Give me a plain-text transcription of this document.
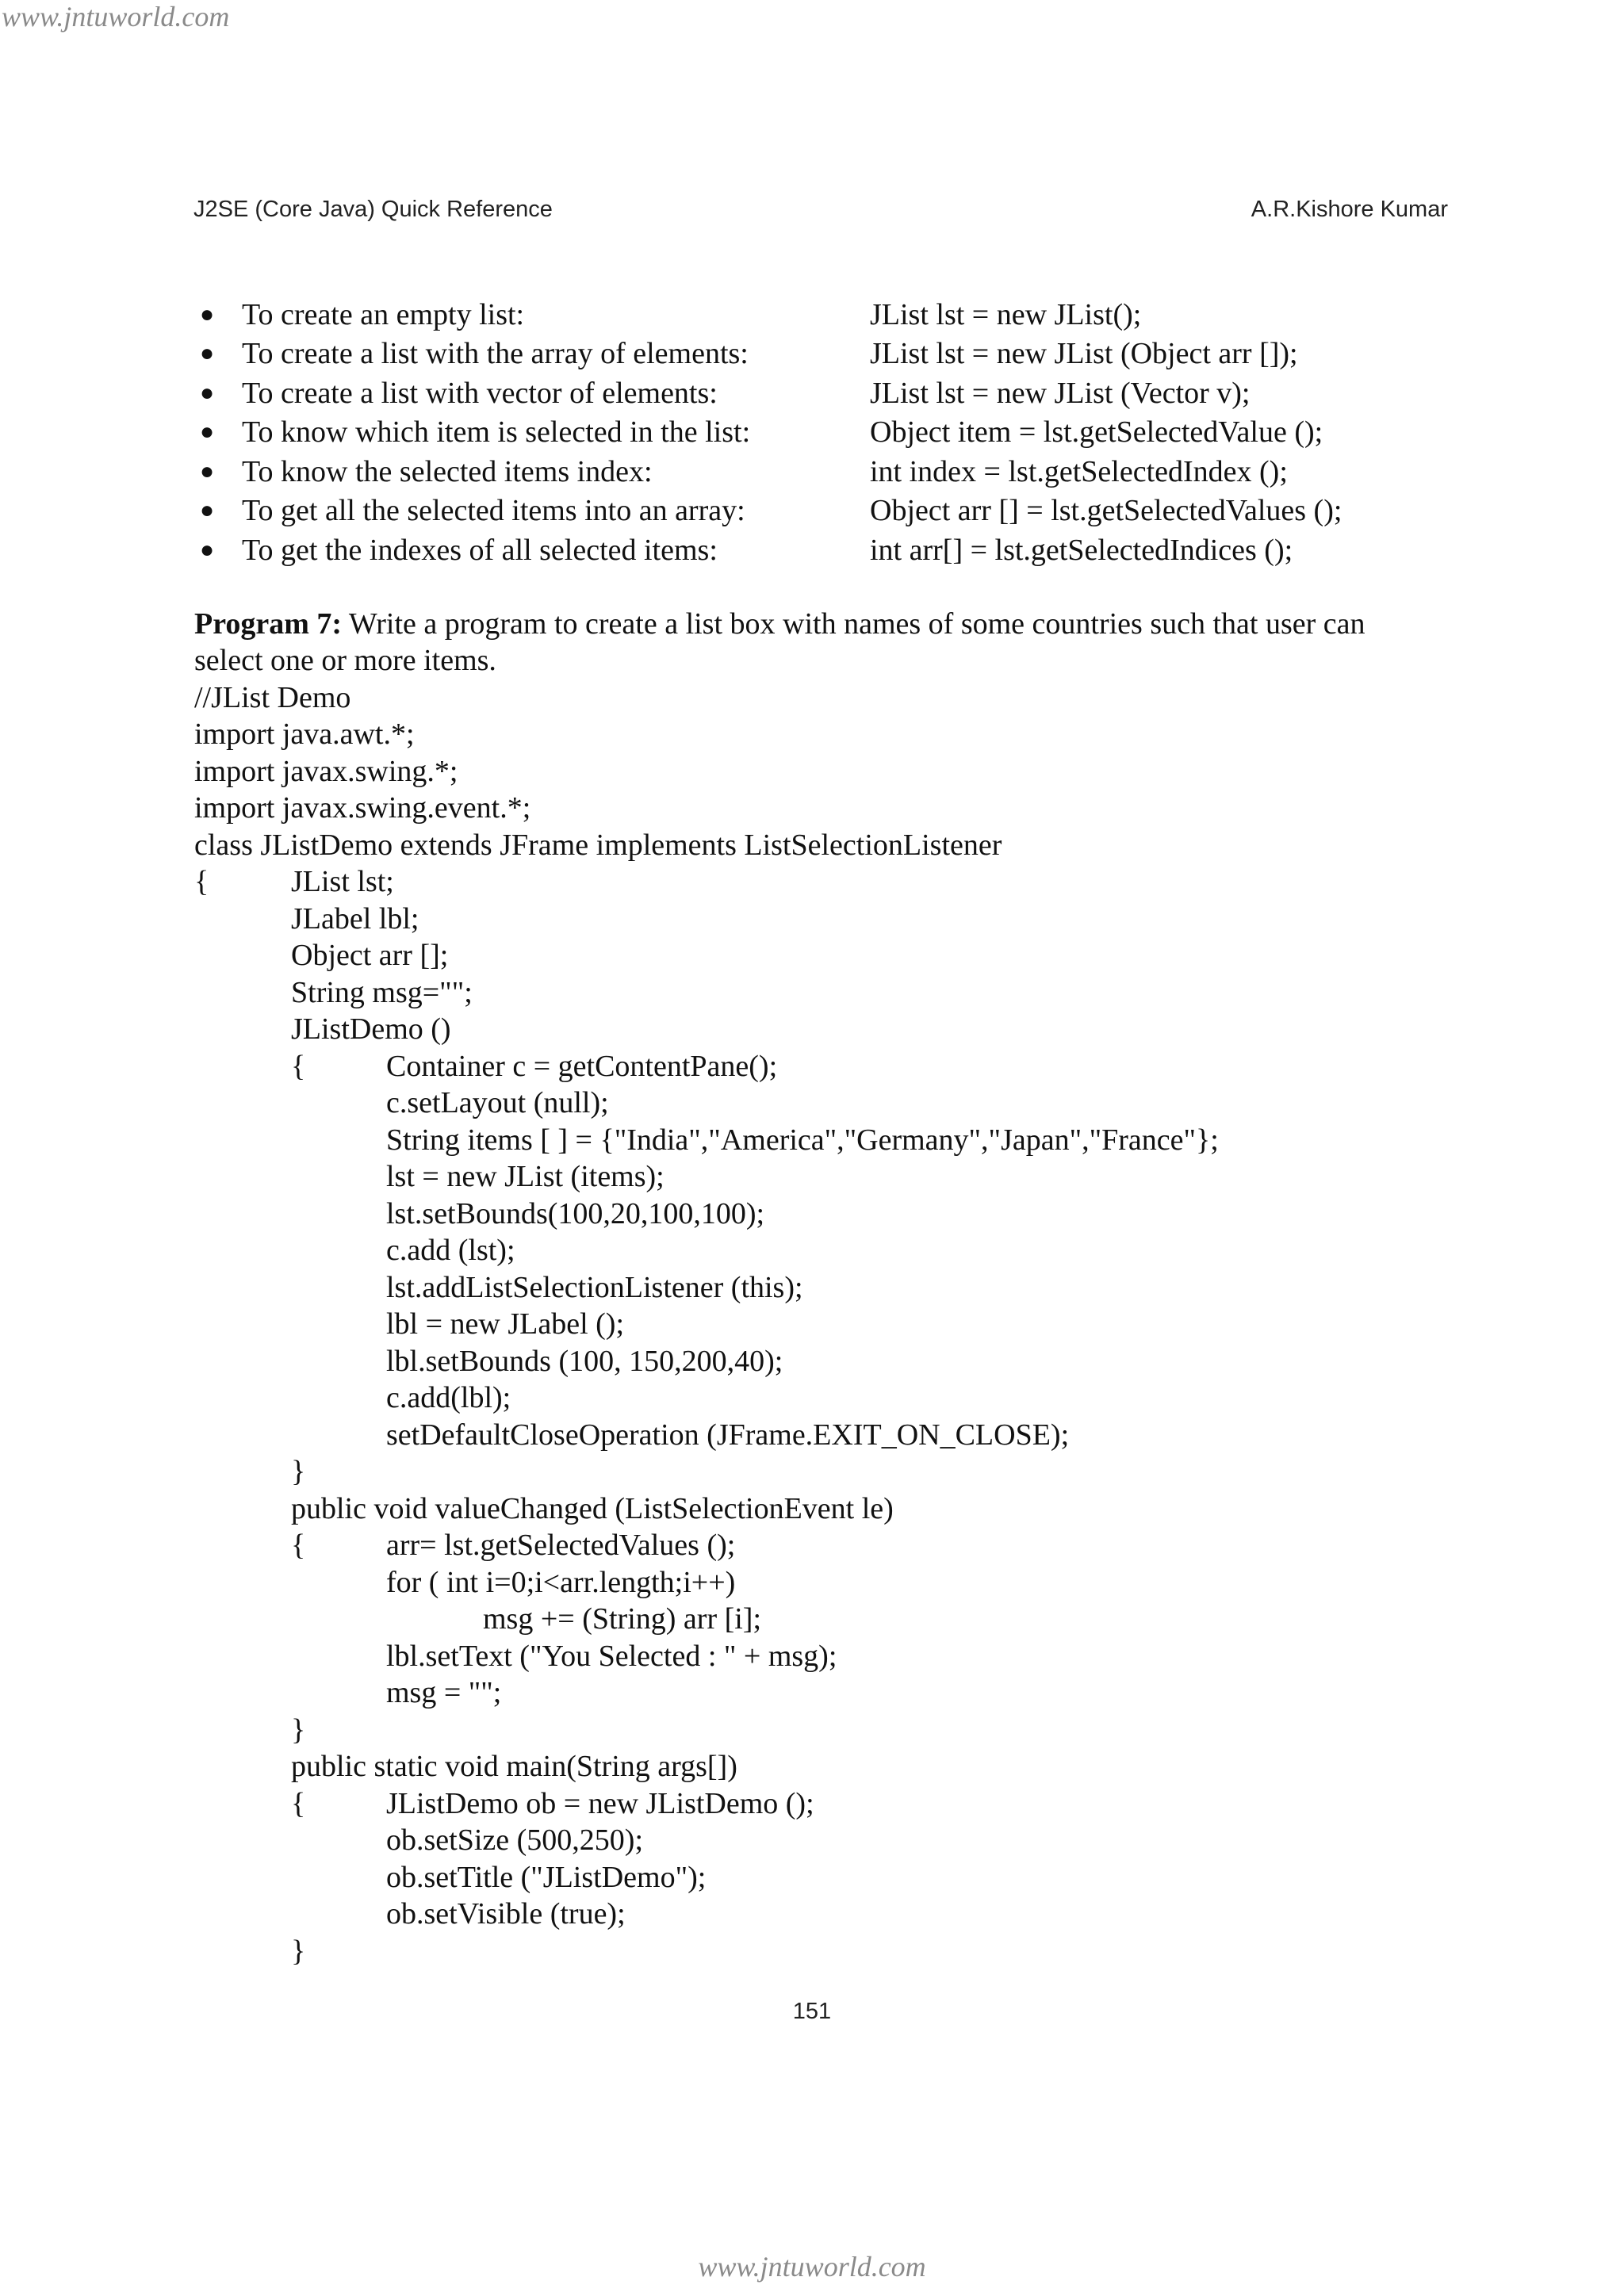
www.jntuworld.com
J2SE (Core Java) Quick Reference	A.R.Kishore Kumar
● To create an empty list:	JList lst = new JList();
● To create a list with the array of elements:	JList lst = new JList (Object arr []);
● To create a list with vector of elements:	JList lst = new JList (Vector v);
● To know which item is selected in the list:	Object item = lst.getSelectedValue ();
● To know the selected items index:	int index = lst.getSelectedIndex ();
● To get all the selected items into an array:	Object arr [] = lst.getSelectedValues ();
● To get the indexes of all selected items:	int arr[] = lst.getSelectedIndices ();
Program 7: Write a program to create a list box with names of some countries such that user can
select one or more items.
//JList Demo
import java.awt.*;
import javax.swing.*;
import javax.swing.event.*;
class JListDemo extends JFrame implements ListSelectionListener
{	JList lst;
JLabel lbl;
Object arr [];
String msg="";
JListDemo ()
{	Container c = getContentPane();
c.setLayout (null);
String items [ ] = {"India","America","Germany","Japan","France"};
lst = new JList (items);
lst.setBounds(100,20,100,100);
c.add (lst);
lst.addListSelectionListener (this);
lbl = new JLabel ();
lbl.setBounds (100, 150,200,40);
c.add(lbl);
setDefaultCloseOperation (JFrame.EXIT_ON_CLOSE);
}
public void valueChanged (ListSelectionEvent le)
{	arr= lst.getSelectedValues ();
for ( int i=0;i<arr.length;i++)
msg += (String) arr [i];
lbl.setText ("You Selected : " + msg);
msg = "";
}
public static void main(String args[])
{	JListDemo ob = new JListDemo ();
ob.setSize (500,250);
ob.setTitle ("JListDemo");
ob.setVisible (true);
}
151
www.jntuworld.com
